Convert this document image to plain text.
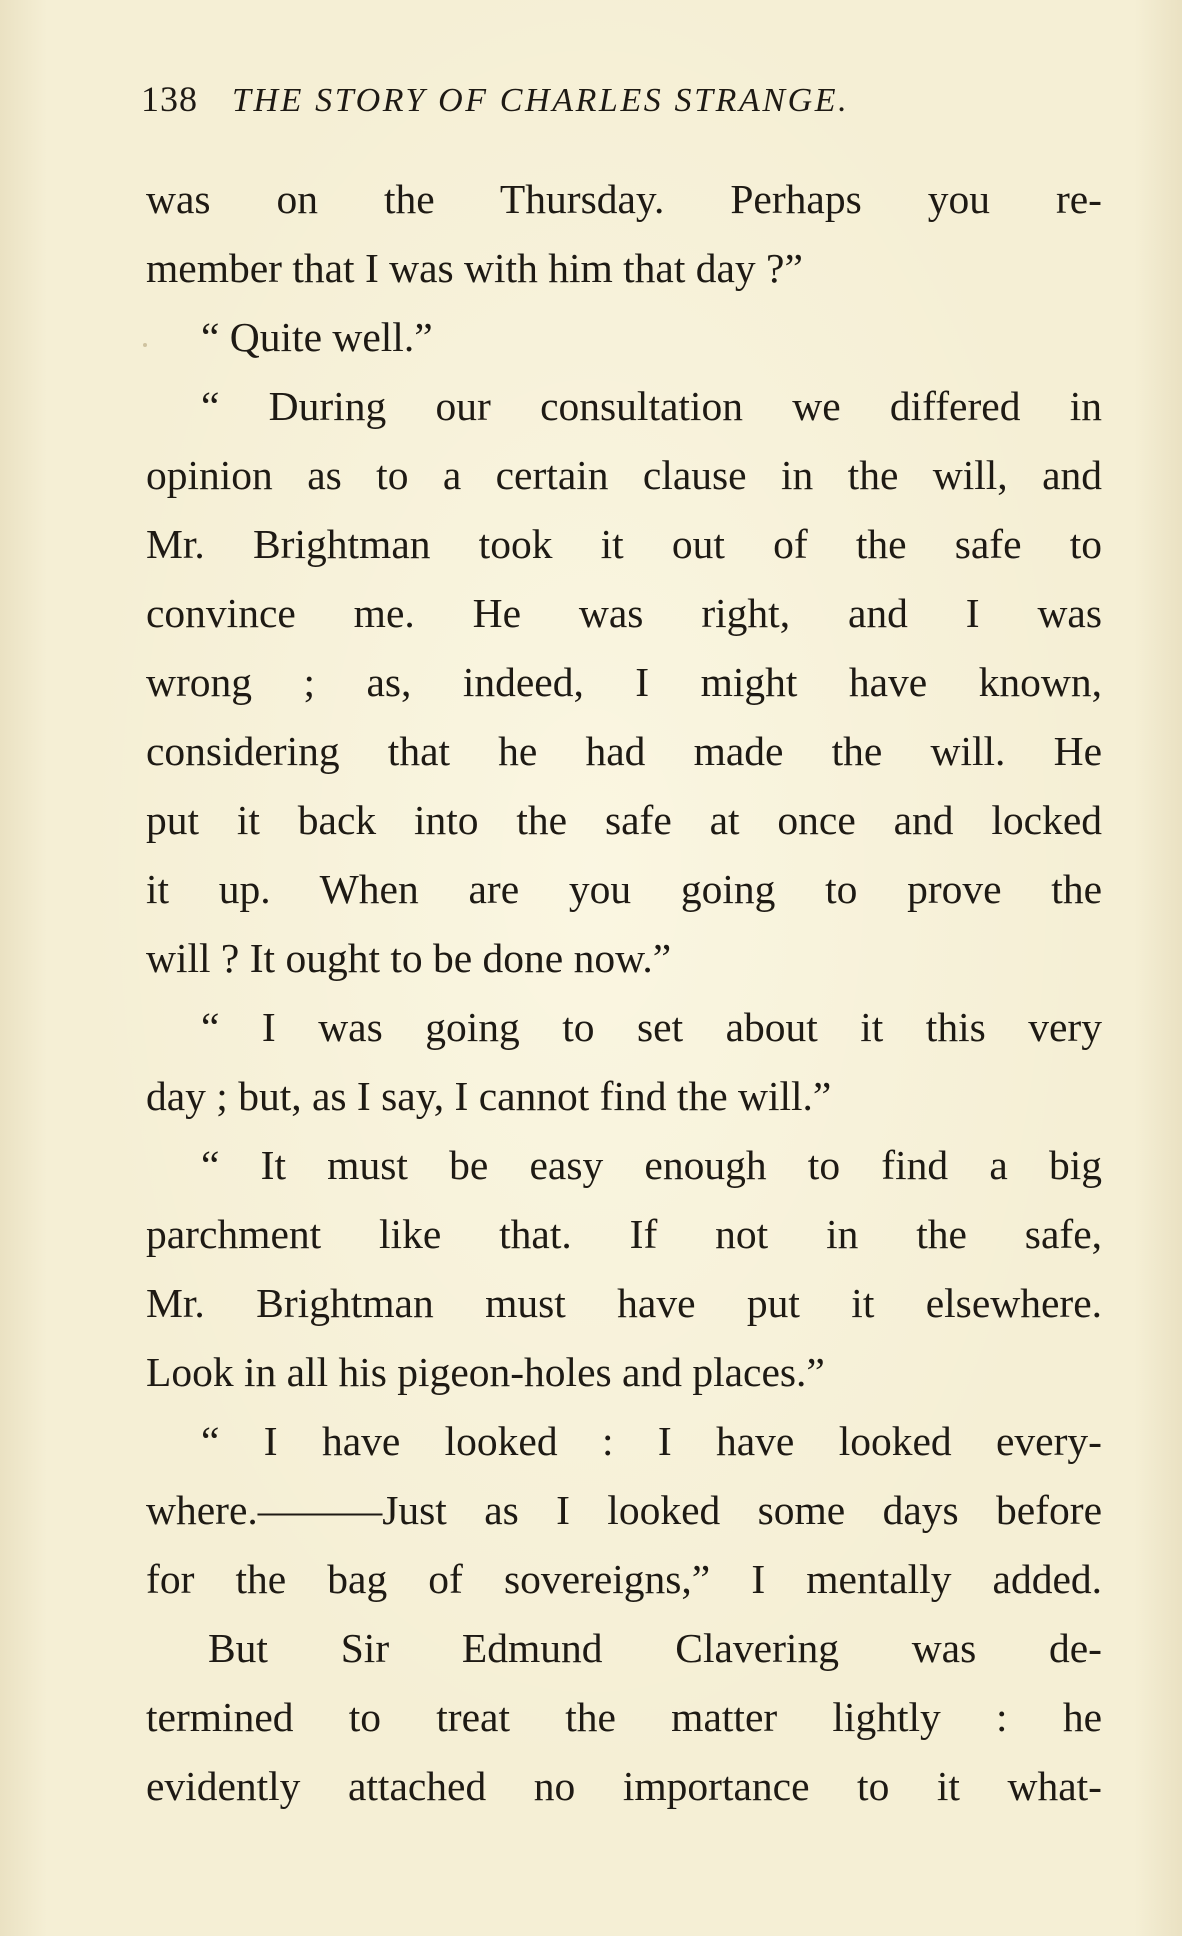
138 THE STORY OF CHARLES STRANGE.
was on the Thursday. Perhaps you re-
member that I was with him that day ?”
“ Quite well.”
“ During our consultation we differed in
opinion as to a certain clause in the will, and
Mr. Brightman took it out of the safe to
convince me. He was right, and I was
wrong ; as, indeed, I might have known,
considering that he had made the will. He
put it back into the safe at once and locked
it up. When are you going to prove the
will ? It ought to be done now.”
“ I was going to set about it this very
day ; but, as I say, I cannot find the will.”
“ It must be easy enough to find a big
parchment like that. If not in the safe,
Mr. Brightman must have put it elsewhere.
Look in all his pigeon-holes and places.”
“ I have looked : I have looked every-
where.———Just as I looked some days before
for the bag of sovereigns,” I mentally added.
But Sir Edmund Clavering was de-
termined to treat the matter lightly : he
evidently attached no importance to it what-
